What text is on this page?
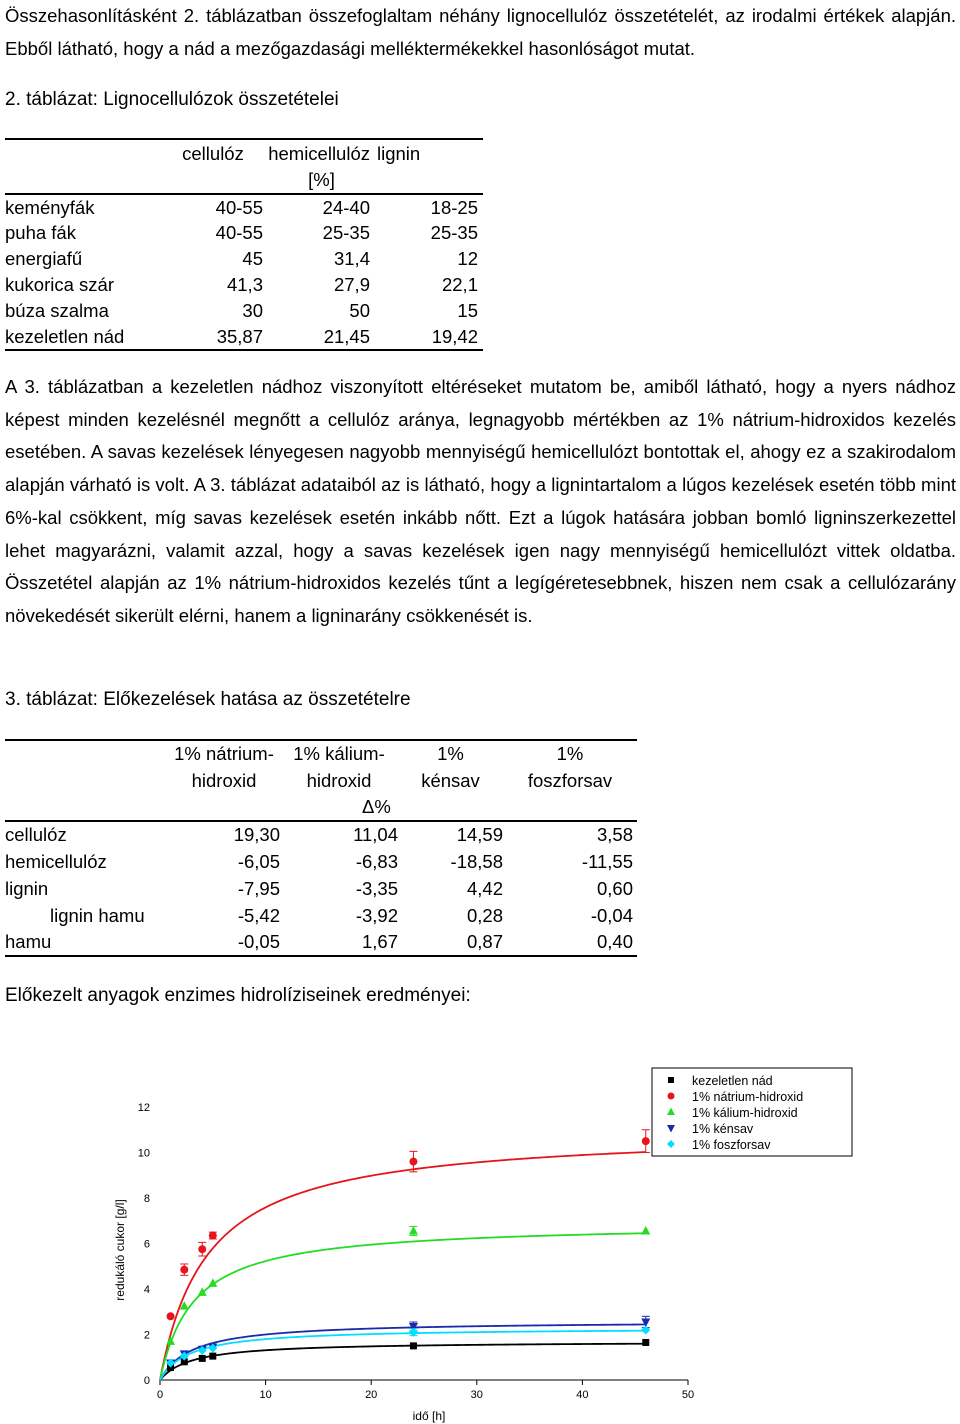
Összehasonlításként 2. táblázatban összefoglaltam néhány lignocellulóz összetételét, az irodalmi értékek alapján. Ebből látható, hogy a nád a mezőgazdasági melléktermékekkel hasonlóságot mutat.
2. táblázat: Lignocellulózok összetételei
	cellulóz	hemicellulóz	lignin
		[%]	
keményfák	40-55	24-40	18-25
puha fák	40-55	25-35	25-35
energiafű	45	31,4	12
kukorica szár	41,3	27,9	22,1
búza szalma	30	50	15
kezeletlen nád	35,87	21,45	19,42
A 3. táblázatban a kezeletlen nádhoz viszonyított eltéréseket mutatom be, amiből látható, hogy a nyers nádhoz képest minden kezelésnél megnőtt a cellulóz aránya, legnagyobb mértékben az 1% nátrium-hidroxidos kezelés esetében. A savas kezelések lényegesen nagyobb mennyiségű hemicellulózt bontottak el, ahogy ez a szakirodalom alapján várható is volt. A 3. táblázat adataiból az is látható, hogy a lignintartalom a lúgos kezelések esetén több mint 6%-kal csökkent, míg savas kezelések esetén inkább nőtt. Ezt a lúgok hatására jobban bomló ligninszerkezettel lehet magyarázni, valamit azzal, hogy a savas kezelések igen nagy mennyiségű hemicellulózt vittek oldatba. Összetétel alapján az 1% nátrium-hidroxidos kezelés tűnt a legígéretesebbnek, hiszen nem csak a cellulózarány növekedését sikerült elérni, hanem a ligninarány csökkenését is.
3. táblázat: Előkezelések hatása az összetételre
	1% nátrium-	1% kálium-	1%	1%
	hidroxid	hidroxid	kénsav	foszforsav
		Δ%		
cellulóz	19,30	11,04	14,59	3,58
hemicellulóz	-6,05	-6,83	-18,58	-11,55
lignin	-7,95	-3,35	4,42	0,60
lignin hamu	-5,42	-3,92	0,28	-0,04
hamu	-0,05	1,67	0,87	0,40
Előkezelt anyagok enzimes hidrolíziseinek eredményei:
0	10	20	30	40	50
0
2
4
6
8
10
12
idő [h]
redukáló cukor [g/l]
kezeletlen nád
1% nátrium-hidroxid
1% kálium-hidroxid
1% kénsav
1% foszforsav
